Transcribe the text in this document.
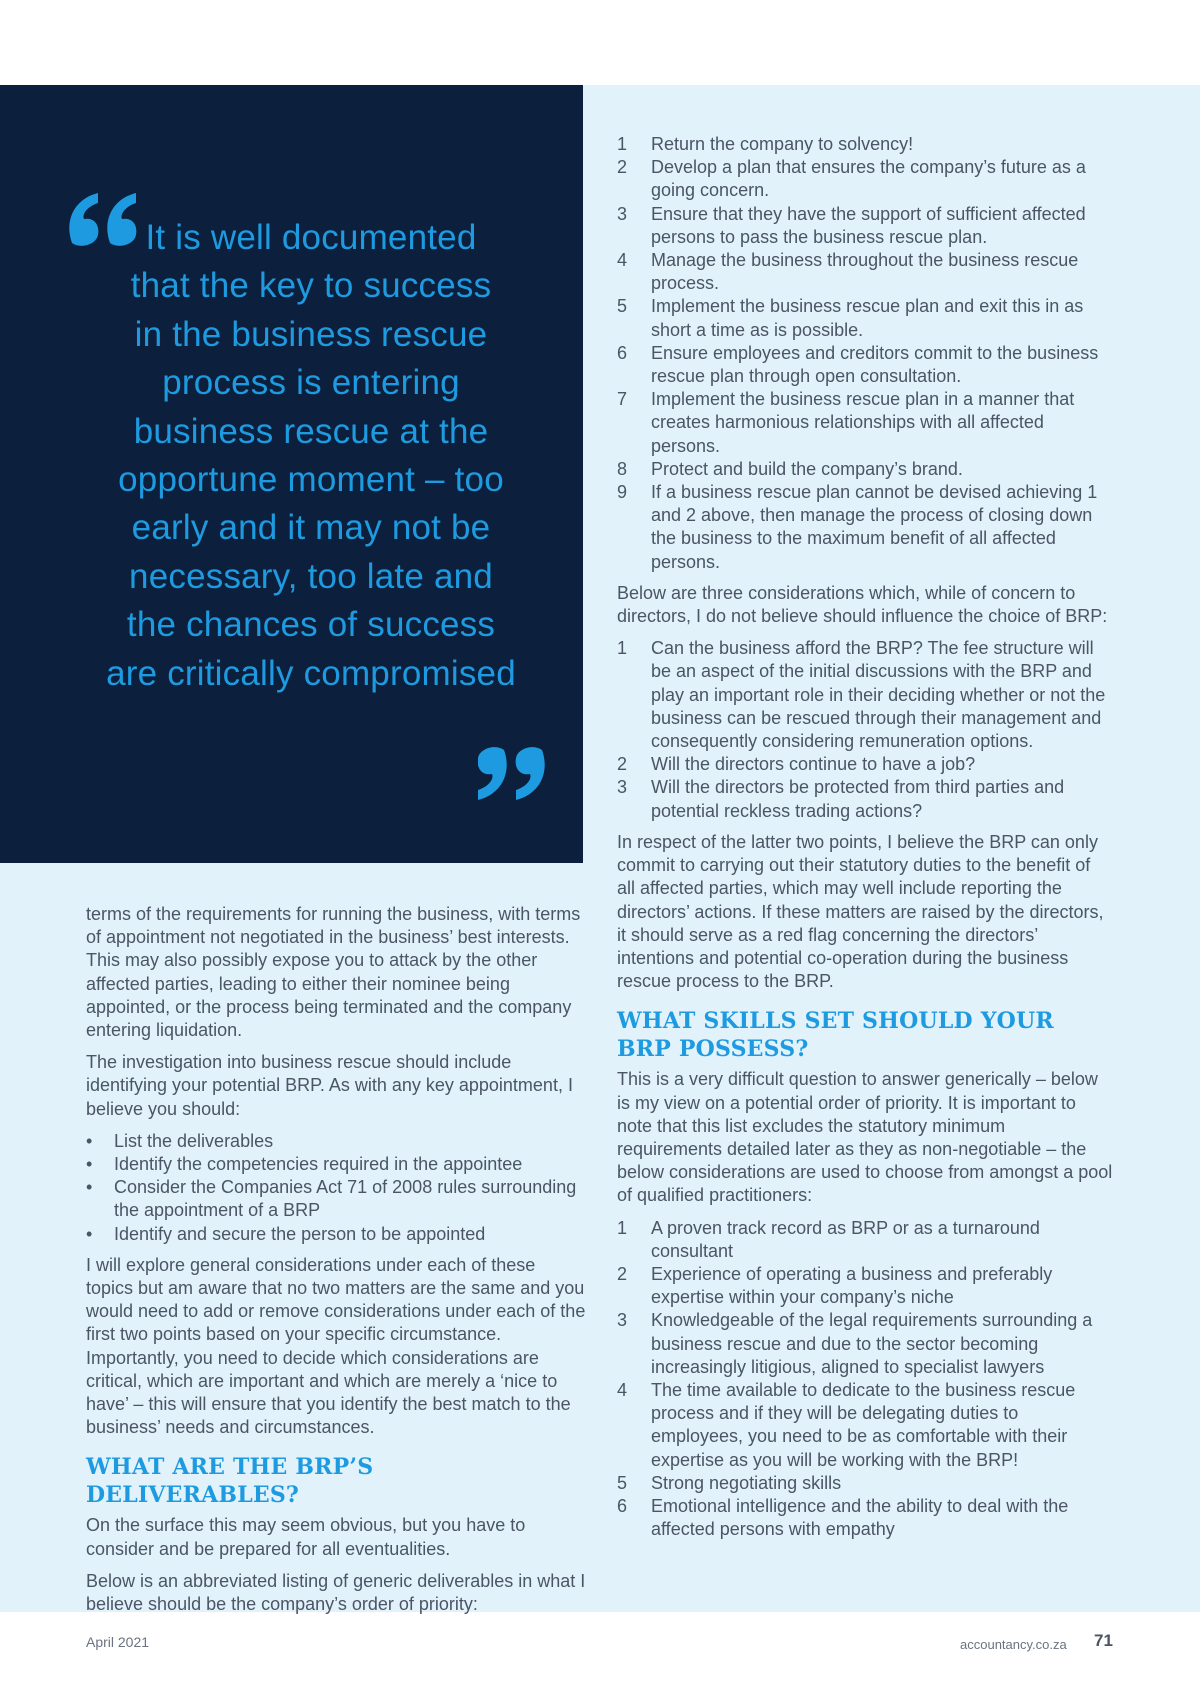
It is well documented
that the key to success
in the business rescue
process is entering
business rescue at the
opportune moment – too
early and it may not be
necessary, too late and
the chances of success
are critically compromised

terms of the requirements for running the business, with terms of appointment not negotiated in the business’ best interests. This may also possibly expose you to attack by the other affected parties, leading to either their nominee being appointed, or the process being terminated and the company entering liquidation.

The investigation into business rescue should include identifying your potential BRP. As with any key appointment, I believe you should:

•	List the deliverables
•	Identify the competencies required in the appointee
•	Consider the Companies Act 71 of 2008 rules surrounding the appointment of a BRP
•	Identify and secure the person to be appointed

I will explore general considerations under each of these topics but am aware that no two matters are the same and you would need to add or remove considerations under each of the first two points based on your specific circumstance. Importantly, you need to decide which considerations are critical, which are important and which are merely a ‘nice to have’ – this will ensure that you identify the best match to the business’ needs and circumstances.

WHAT ARE THE BRP’S DELIVERABLES?

On the surface this may seem obvious, but you have to consider and be prepared for all eventualities.

Below is an abbreviated listing of generic deliverables in what I believe should be the company’s order of priority:

1	Return the company to solvency!
2	Develop a plan that ensures the company’s future as a going concern.
3	Ensure that they have the support of sufficient affected persons to pass the business rescue plan.
4	Manage the business throughout the business rescue process.
5	Implement the business rescue plan and exit this in as short a time as is possible.
6	Ensure employees and creditors commit to the business rescue plan through open consultation.
7	Implement the business rescue plan in a manner that creates harmonious relationships with all affected persons.
8	Protect and build the company’s brand.
9	If a business rescue plan cannot be devised achieving 1 and 2 above, then manage the process of closing down the business to the maximum benefit of all affected persons.

Below are three considerations which, while of concern to directors, I do not believe should influence the choice of BRP:

1	Can the business afford the BRP? The fee structure will be an aspect of the initial discussions with the BRP and play an important role in their deciding whether or not the business can be rescued through their management and consequently considering remuneration options.
2	Will the directors continue to have a job?
3	Will the directors be protected from third parties and potential reckless trading actions?

In respect of the latter two points, I believe the BRP can only commit to carrying out their statutory duties to the benefit of all affected parties, which may well include reporting the directors’ actions. If these matters are raised by the directors, it should serve as a red flag concerning the directors’ intentions and potential co-operation during the business rescue process to the BRP.

WHAT SKILLS SET SHOULD YOUR BRP POSSESS?

This is a very difficult question to answer generically – below is my view on a potential order of priority. It is important to note that this list excludes the statutory minimum requirements detailed later as they as non-negotiable – the below considerations are used to choose from amongst a pool of qualified practitioners:

1	A proven track record as BRP or as a turnaround consultant
2	Experience of operating a business and preferably expertise within your company’s niche
3	Knowledgeable of the legal requirements surrounding a business rescue and due to the sector becoming increasingly litigious, aligned to specialist lawyers
4	The time available to dedicate to the business rescue process and if they will be delegating duties to employees, you need to be as comfortable with their expertise as you will be working with the BRP!
5	Strong negotiating skills
6	Emotional intelligence and the ability to deal with the affected persons with empathy
April 2021	accountancy.co.za 71
